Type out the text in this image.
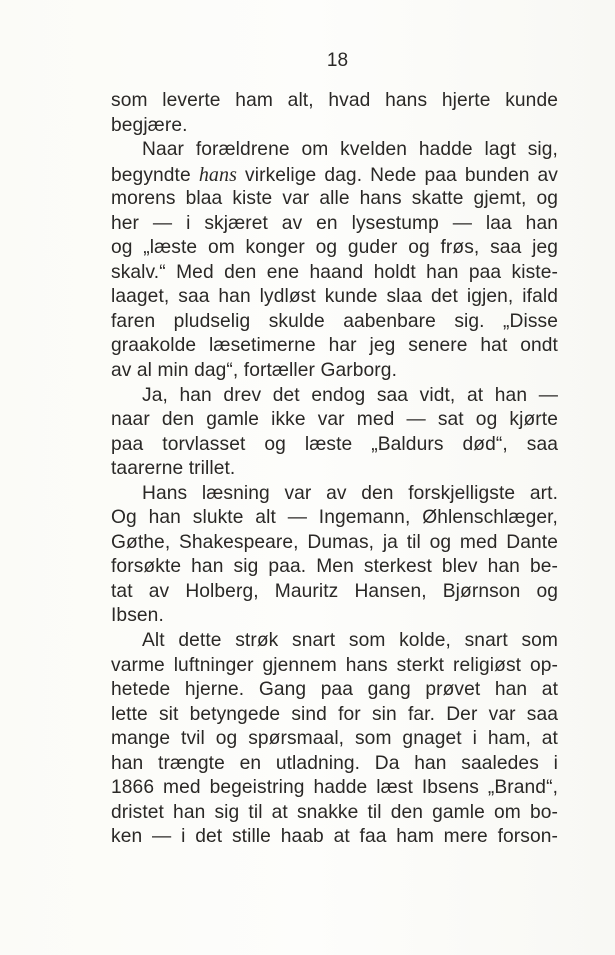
18
som leverte ham alt, hvad hans hjerte kunde
begjære.
Naar forældrene om kvelden hadde lagt sig,
begyndte hans virkelige dag. Nede paa bunden av
morens blaa kiste var alle hans skatte gjemt, og
her — i skjæret av en lysestump — laa han
og „læste om konger og guder og frøs, saa jeg
skalv.“ Med den ene haand holdt han paa kiste-
laaget, saa han lydløst kunde slaa det igjen, ifald
faren pludselig skulde aabenbare sig. „Disse
graakolde læsetimerne har jeg senere hat ondt
av al min dag“, fortæller Garborg.
Ja, han drev det endog saa vidt, at han —
naar den gamle ikke var med — sat og kjørte
paa torvlasset og læste „Baldurs død“, saa
taarerne trillet.
Hans læsning var av den forskjelligste art.
Og han slukte alt — Ingemann, Øhlenschlæger,
Gøthe, Shakespeare, Dumas, ja til og med Dante
forsøkte han sig paa. Men sterkest blev han be-
tat av Holberg, Mauritz Hansen, Bjørnson og
Ibsen.
Alt dette strøk snart som kolde, snart som
varme luftninger gjennem hans sterkt religiøst op-
hetede hjerne. Gang paa gang prøvet han at
lette sit betyngede sind for sin far. Der var saa
mange tvil og spørsmaal, som gnaget i ham, at
han trængte en utladning. Da han saaledes i
1866 med begeistring hadde læst Ibsens „Brand“,
dristet han sig til at snakke til den gamle om bo-
ken — i det stille haab at faa ham mere forson-
